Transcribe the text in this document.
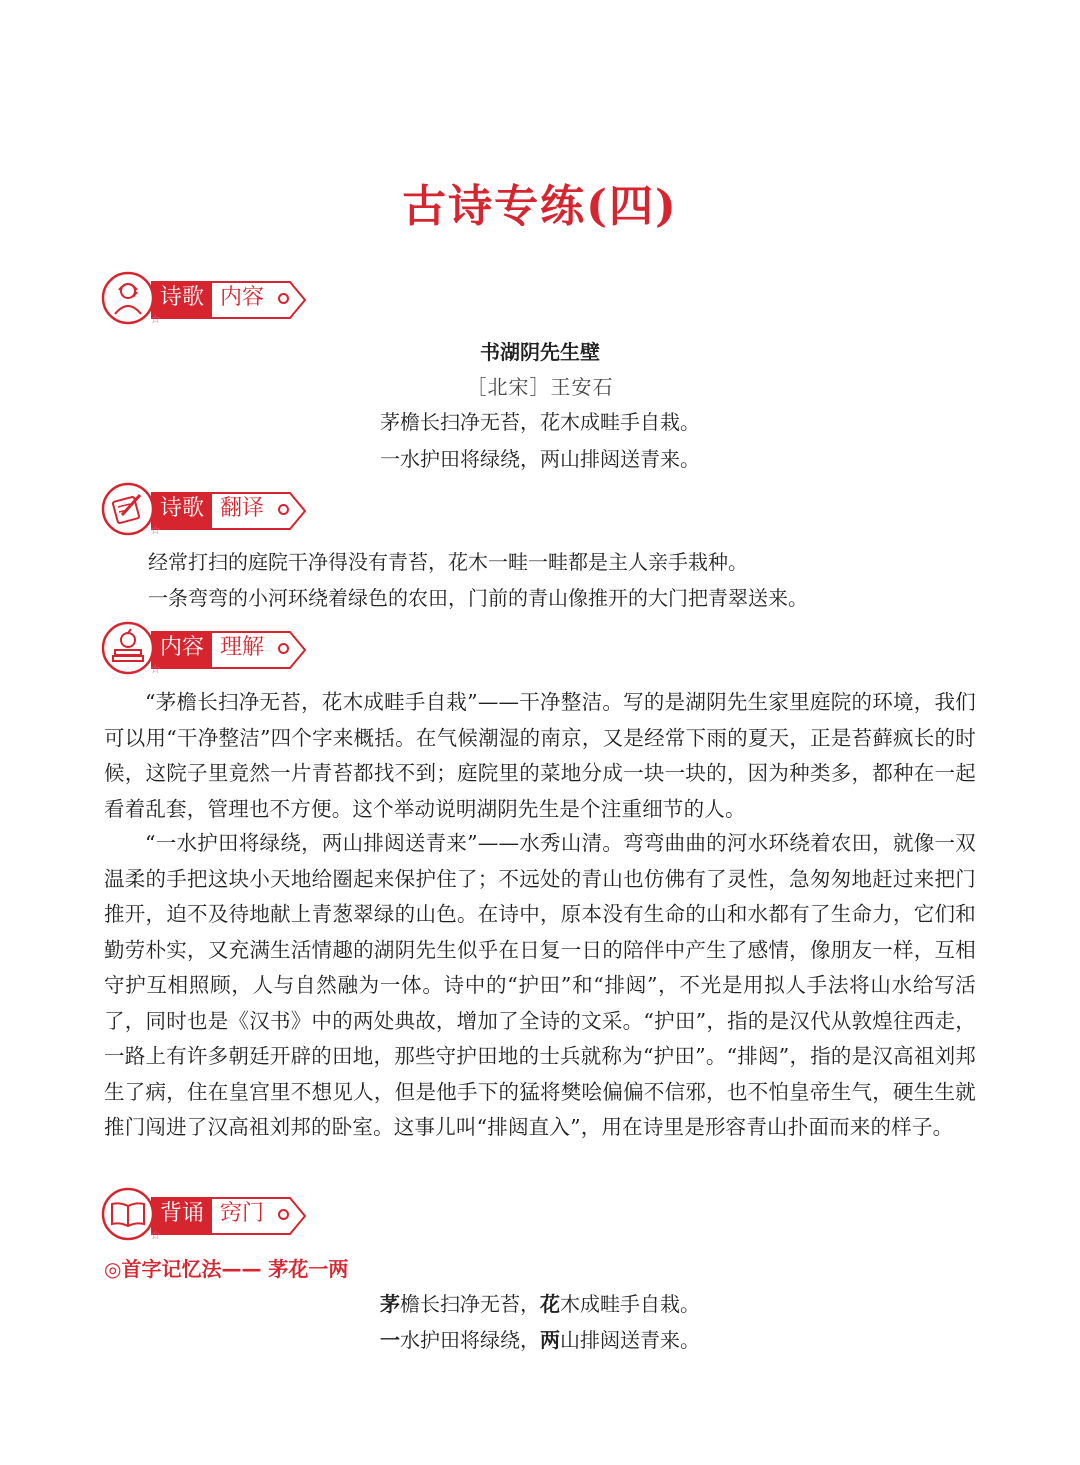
古诗专练(四)
诗歌 内容
☆
书湖阴先生壁
［北宋］王安石
茅檐长扫净无苔，花木成畦手自栽。
一水护田将绿绕，两山排闼送青来。
诗歌 翻译
☆
经常打扫的庭院干净得没有青苔，花木一畦一畦都是主人亲手栽种。
一条弯弯的小河环绕着绿色的农田，门前的青山像推开的大门把青翠送来。
内容 理解
☆
“茅檐长扫净无苔，花木成畦手自栽”——干净整洁。写的是湖阴先生家里庭院的环境，我们可以用“干净整洁”四个字来概括。在气候潮湿的南京，又是经常下雨的夏天，正是苔藓疯长的时候，这院子里竟然一片青苔都找不到；庭院里的菜地分成一块一块的，因为种类多，都种在一起看着乱套，管理也不方便。这个举动说明湖阴先生是个注重细节的人。
“一水护田将绿绕，两山排闼送青来”——水秀山清。弯弯曲曲的河水环绕着农田，就像一双温柔的手把这块小天地给圈起来保护住了；不远处的青山也仿佛有了灵性，急匆匆地赶过来把门推开，迫不及待地献上青葱翠绿的山色。在诗中，原本没有生命的山和水都有了生命力，它们和勤劳朴实，又充满生活情趣的湖阴先生似乎在日复一日的陪伴中产生了感情，像朋友一样，互相守护互相照顾，人与自然融为一体。诗中的“护田”和“排闼”，不光是用拟人手法将山水给写活了，同时也是《汉书》中的两处典故，增加了全诗的文采。“护田”，指的是汉代从敦煌往西走，一路上有许多朝廷开辟的田地，那些守护田地的士兵就称为“护田”。“排闼”，指的是汉高祖刘邦生了病，住在皇宫里不想见人，但是他手下的猛将樊哙偏偏不信邪，也不怕皇帝生气，硬生生就推门闯进了汉高祖刘邦的卧室。这事儿叫“排闼直入”，用在诗里是形容青山扑面而来的样子。
背诵 窍门
☆
◎首字记忆法—— 茅花一两
茅檐长扫净无苔，花木成畦手自栽。
一水护田将绿绕，两山排闼送青来。
